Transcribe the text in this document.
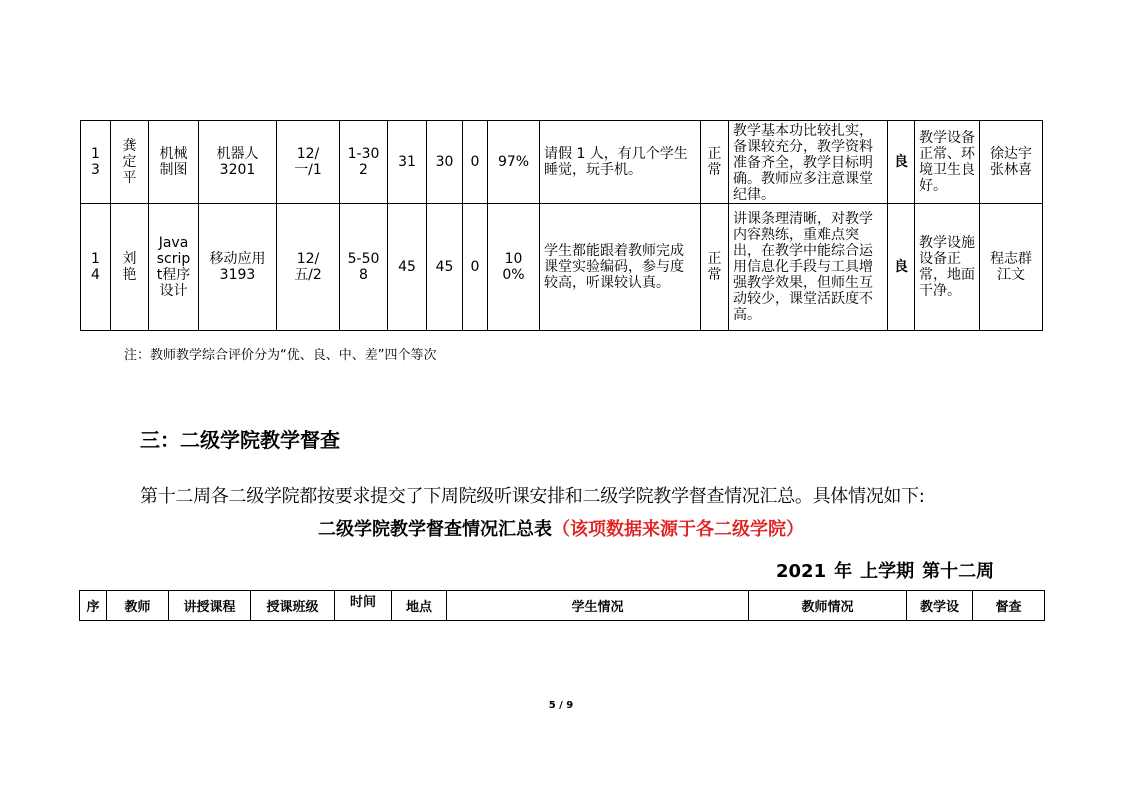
13	龚定平	机械制图	机器人3201	12/一/1	1-302	31	30	0	97%	请假 1 人，有几个学生睡觉，玩手机。	正常	教学基本功比较扎实，备课较充分，教学资料准备齐全，教学目标明确。教师应多注意课堂纪律。	良	教学设备正常、环境卫生良好。	徐达宇
张林喜

14	刘艳	Javascript程序设计	移动应用3193	12/五/2	5-508	45	45	0	100%	学生都能跟着教师完成课堂实验编码，参与度较高，听课较认真。	正常	讲课条理清晰，对教学内容熟练，重难点突出，在教学中能综合运用信息化手段与工具增强教学效果，但师生互动较少，课堂活跃度不高。	良	教学设施设备正常，地面干净。	程志群
江文
注：教师教学综合评价分为“优、良、中、差”四个等次
三：二级学院教学督查
第十二周各二级学院都按要求提交了下周院级听课安排和二级学院教学督查情况汇总。具体情况如下:
二级学院教学督查情况汇总表（该项数据来源于各二级学院）
2021 年 上学期 第十二周
序	教师	讲授课程	授课班级	时间	地点	学生情况	教师情况	教学设	督查
5 / 9
